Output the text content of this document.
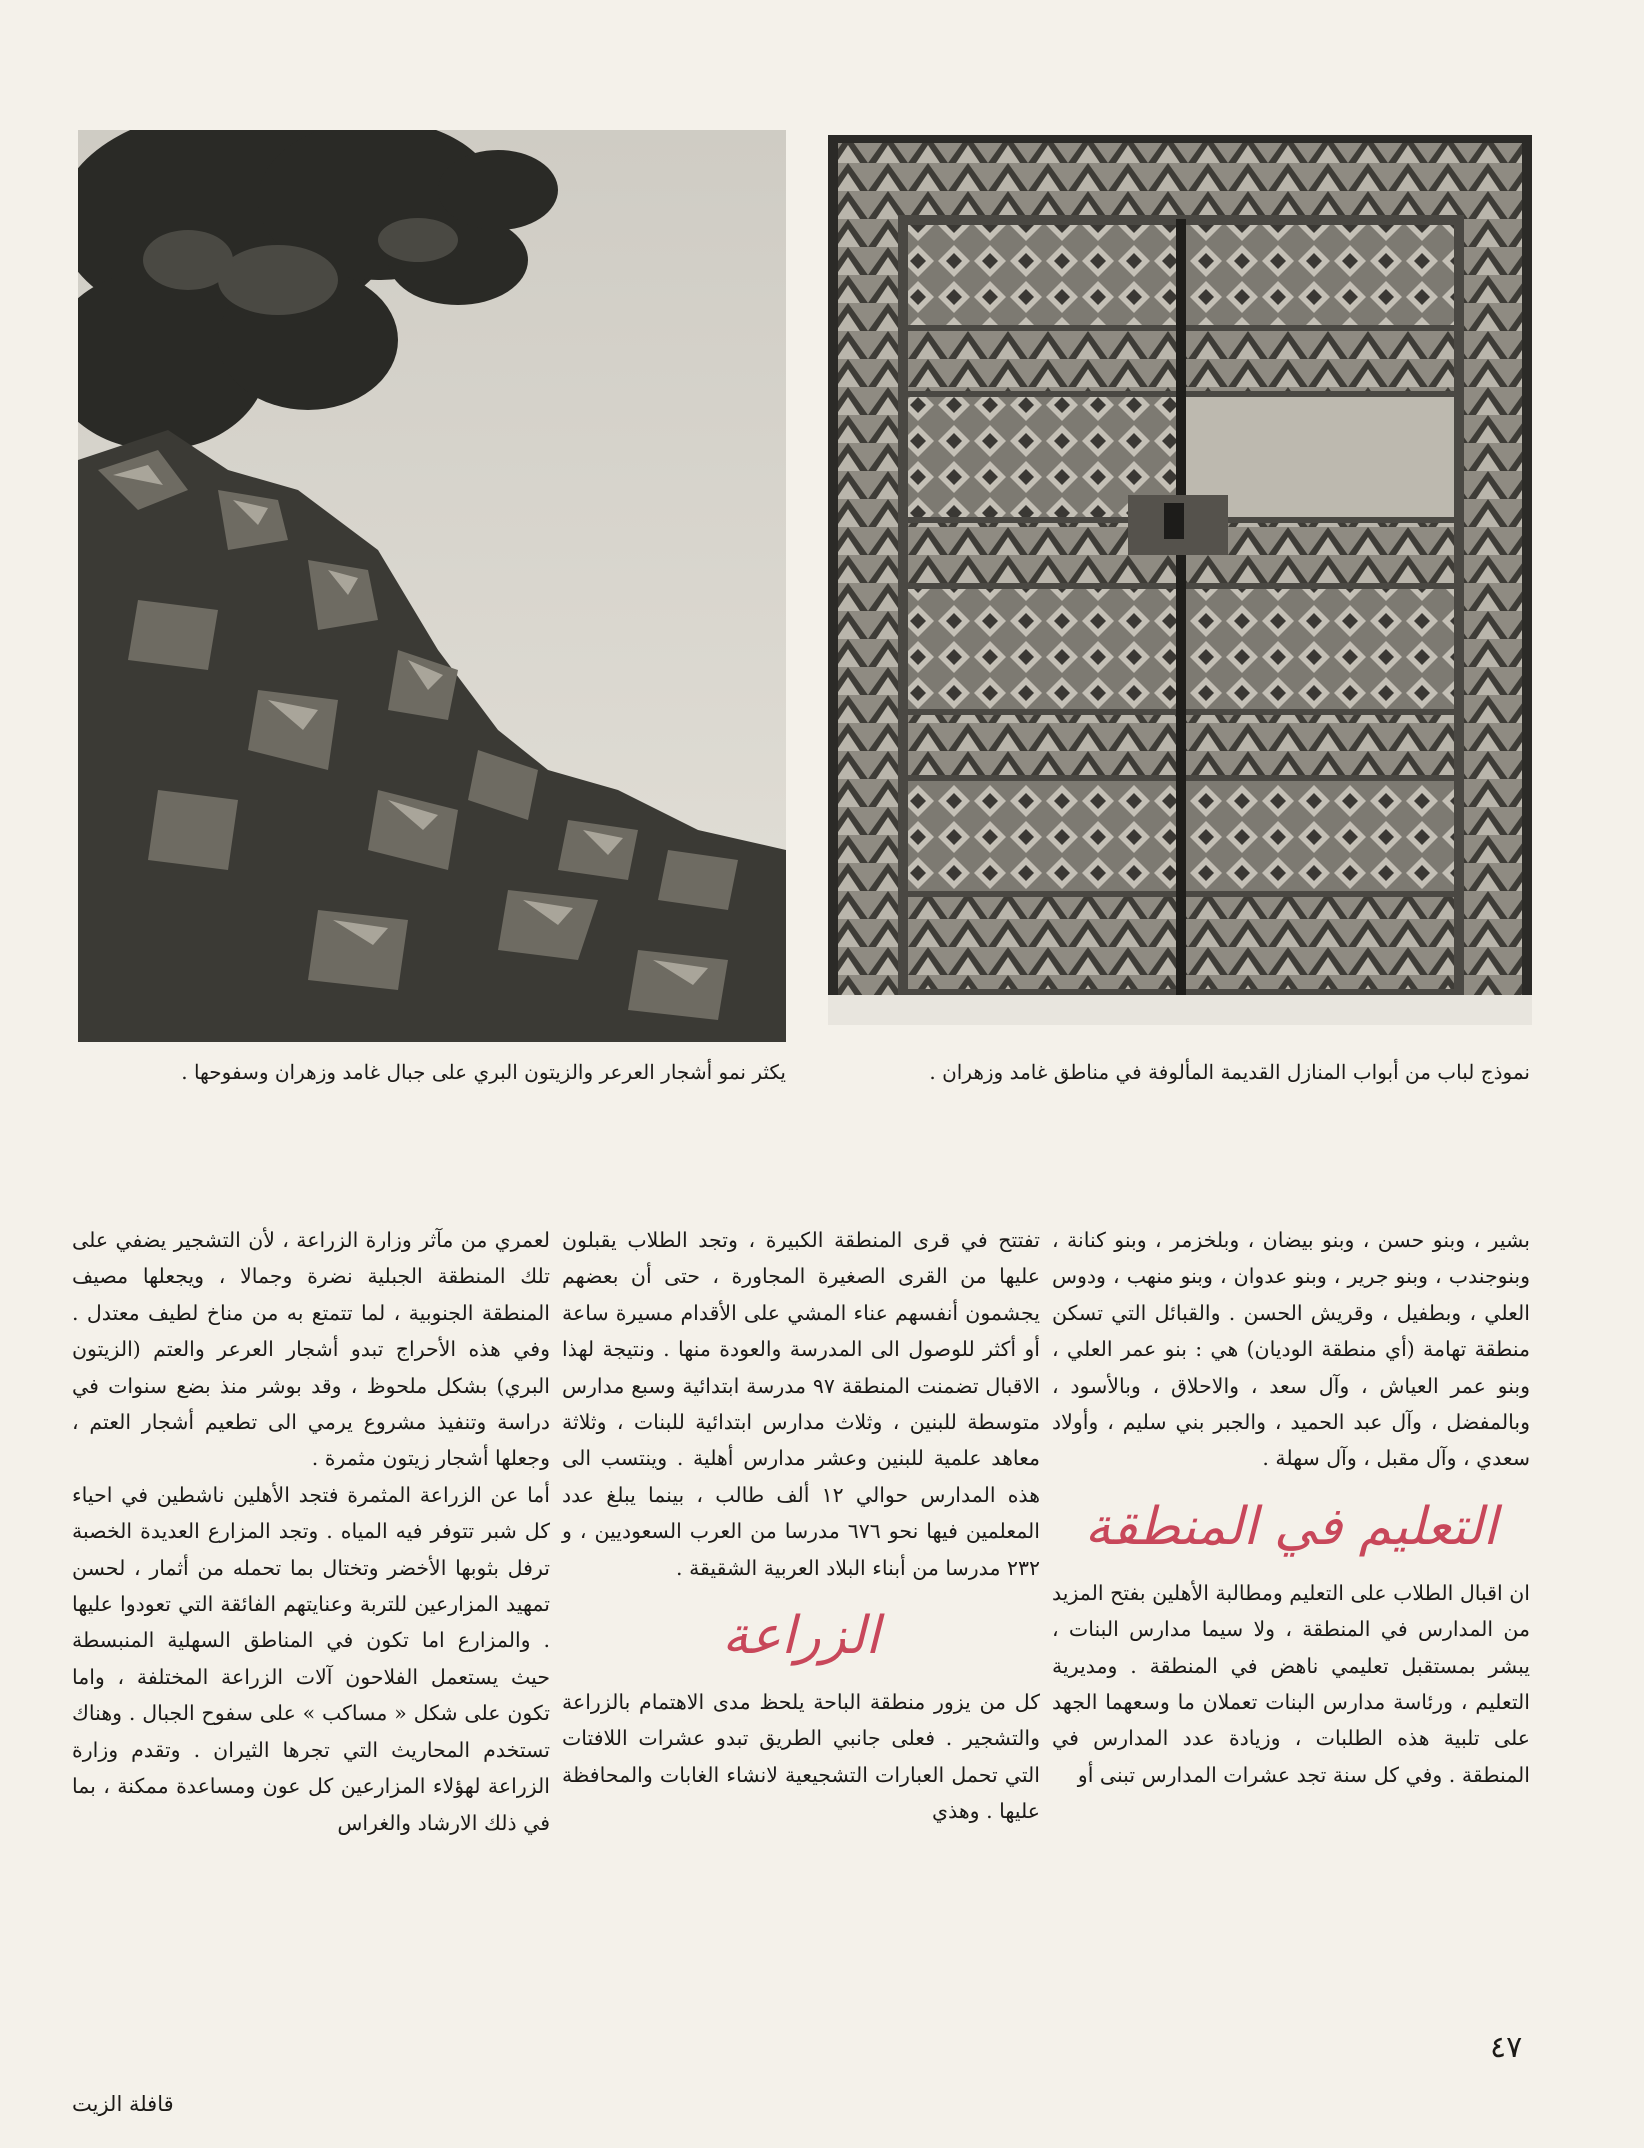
يكثر نمو أشجار العرعر والزيتون البري على جبال غامد وزهران وسفوحها .	نموذج لباب من أبواب المنازل القديمة المألوفة في مناطق غامد وزهران .

بشير ، وبنو حسن ، وبنو بيضان ، وبلخزمر ، وبنو كنانة ، وبنوجندب ، وبنو جرير ، وبنو عدوان ، وبنو منهب ، ودوس العلي ، وبطفيل ، وقريش الحسن . والقبائل التي تسكن منطقة تهامة (أي منطقة الوديان) هي : بنو عمر العلي ، وبنو عمر العياش ، وآل سعد ، والاحلاق ، وبالأسود ، وبالمفضل ، وآل عبد الحميد ، والجبر بني سليم ، وأولاد سعدي ، وآل مقبل ، وآل سهلة .

التعليم في المنطقة

ان اقبال الطلاب على التعليم ومطالبة الأهلين بفتح المزيد من المدارس في المنطقة ، ولا سيما مدارس البنات ، يبشر بمستقبل تعليمي ناهض في المنطقة . ومديرية التعليم ، ورئاسة مدارس البنات تعملان ما وسعهما الجهد على تلبية هذه الطلبات ، وزيادة عدد المدارس في المنطقة . وفي كل سنة تجد عشرات المدارس تبنى أو

تفتتح في قرى المنطقة الكبيرة ، وتجد الطلاب يقبلون عليها من القرى الصغيرة المجاورة ، حتى أن بعضهم يجشمون أنفسهم عناء المشي على الأقدام مسيرة ساعة أو أكثر للوصول الى المدرسة والعودة منها . ونتيجة لهذا الاقبال تضمنت المنطقة ٩٧ مدرسة ابتدائية وسبع مدارس متوسطة للبنين ، وثلاث مدارس ابتدائية للبنات ، وثلاثة معاهد علمية للبنين وعشر مدارس أهلية . وينتسب الى هذه المدارس حوالي ١٢ ألف طالب ، بينما يبلغ عدد المعلمين فيها نحو ٦٧٦ مدرسا من العرب السعوديين ، و ٢٣٢ مدرسا من أبناء البلاد العربية الشقيقة .

الزراعة

كل من يزور منطقة الباحة يلحظ مدى الاهتمام بالزراعة والتشجير . فعلى جانبي الطريق تبدو عشرات اللافتات التي تحمل العبارات التشجيعية لانشاء الغابات والمحافظة عليها . وهذي

لعمري من مآثر وزارة الزراعة ، لأن التشجير يضفي على تلك المنطقة الجبلية نضرة وجمالا ، ويجعلها مصيف المنطقة الجنوبية ، لما تتمتع به من مناخ لطيف معتدل . وفي هذه الأحراج تبدو أشجار العرعر والعتم (الزيتون البري) بشكل ملحوظ ، وقد بوشر منذ بضع سنوات في دراسة وتنفيذ مشروع يرمي الى تطعيم أشجار العتم ، وجعلها أشجار زيتون مثمرة .

أما عن الزراعة المثمرة فتجد الأهلين ناشطين في احياء كل شبر تتوفر فيه المياه . وتجد المزارع العديدة الخصبة ترفل بثوبها الأخضر وتختال بما تحمله من أثمار ، لحسن تمهيد المزارعين للتربة وعنايتهم الفائقة التي تعودوا عليها . والمزارع اما تكون في المناطق السهلية المنبسطة حيث يستعمل الفلاحون آلات الزراعة المختلفة ، واما تكون على شكل « مساكب » على سفوح الجبال . وهناك تستخدم المحاريث التي تجرها الثيران . وتقدم وزارة الزراعة لهؤلاء المزارعين كل عون ومساعدة ممكنة ، بما في ذلك الارشاد والغراس

٤٧
قافلة الزيت
